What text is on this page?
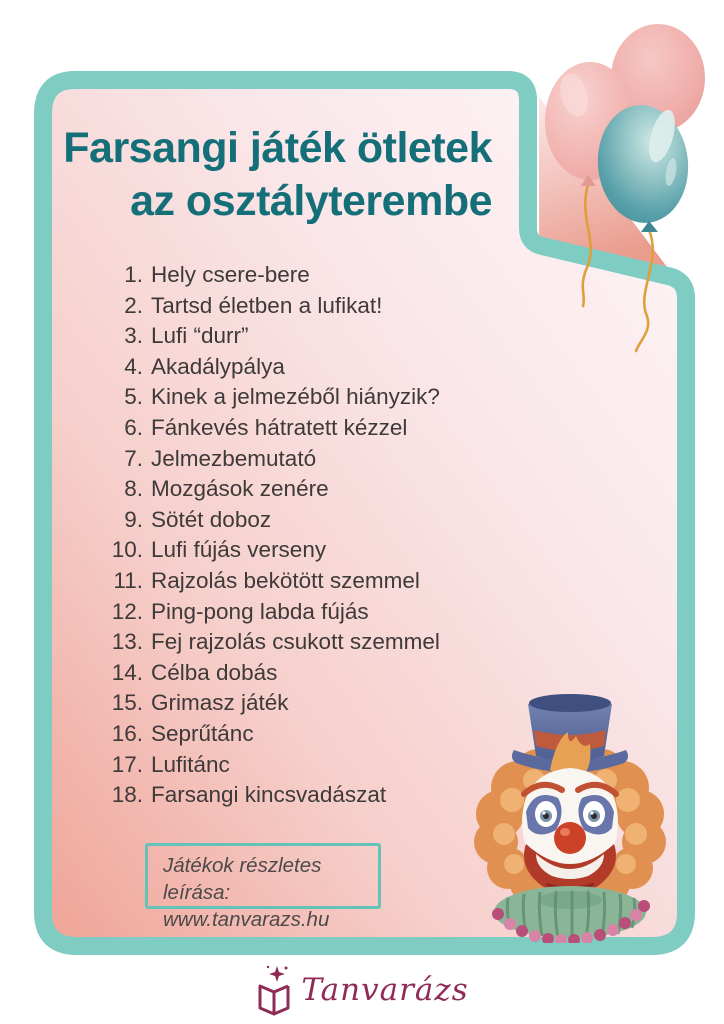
Farsangi játék ötletek
az osztályterembe
1. Hely csere-bere
2. Tartsd életben a lufikat!
3. Lufi “durr”
4. Akadálypálya
5. Kinek a jelmezéből hiányzik?
6. Fánkevés hátratett kézzel
7. Jelmezbemutató
8. Mozgások zenére
9. Sötét doboz
10. Lufi fújás verseny
11. Rajzolás bekötött szemmel
12. Ping-pong labda fújás
13. Fej rajzolás csukott szemmel
14. Célba dobás
15. Grimasz játék
16. Seprűtánc
17. Lufitánc
18. Farsangi kincsvadászat
Játékok részletes leírása:
www.tanvarazs.hu
Tanvarázs
